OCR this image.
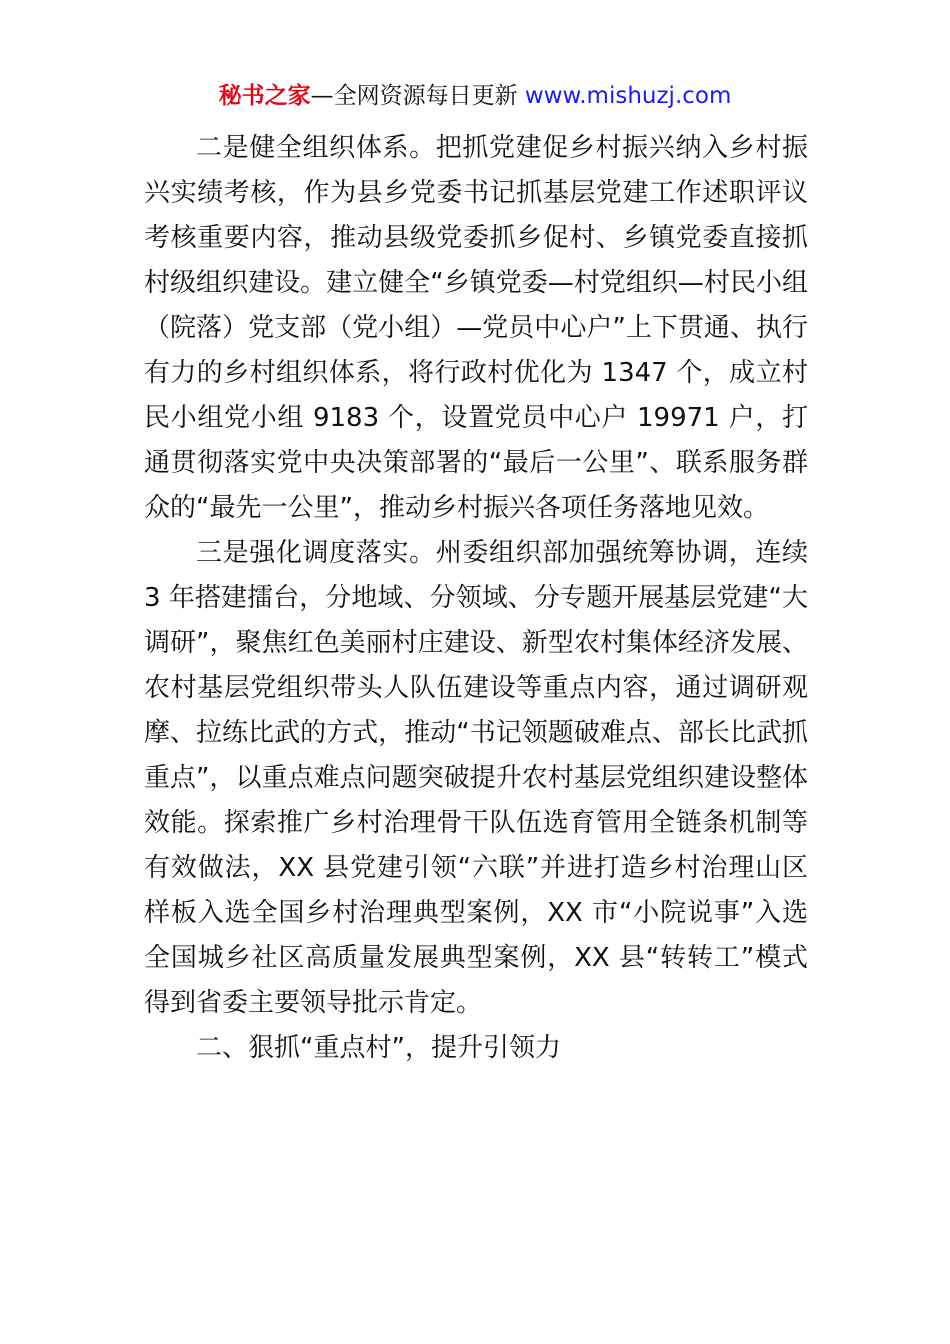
秘书之家—全网资源每日更新 www.mishuzj.com

二是健全组织体系。把抓党建促乡村振兴纳入乡村振兴实绩考核，作为县乡党委书记抓基层党建工作述职评议考核重要内容，推动县级党委抓乡促村、乡镇党委直接抓村级组织建设。建立健全“乡镇党委—村党组织—村民小组（院落）党支部（党小组）—党员中心户”上下贯通、执行有力的乡村组织体系，将行政村优化为 1347 个，成立村民小组党小组 9183 个，设置党员中心户 19971 户，打通贯彻落实党中央决策部署的“最后一公里”、联系服务群众的“最先一公里”，推动乡村振兴各项任务落地见效。

三是强化调度落实。州委组织部加强统筹协调，连续 3 年搭建擂台，分地域、分领域、分专题开展基层党建“大调研”，聚焦红色美丽村庄建设、新型农村集体经济发展、农村基层党组织带头人队伍建设等重点内容，通过调研观摩、拉练比武的方式，推动“书记领题破难点、部长比武抓重点”，以重点难点问题突破提升农村基层党组织建设整体效能。探索推广乡村治理骨干队伍选育管用全链条机制等有效做法，XX 县党建引领“六联”并进打造乡村治理山区样板入选全国乡村治理典型案例，XX 市“小院说事”入选全国城乡社区高质量发展典型案例，XX 县“转转工”模式得到省委主要领导批示肯定。

二、狠抓“重点村”，提升引领力
